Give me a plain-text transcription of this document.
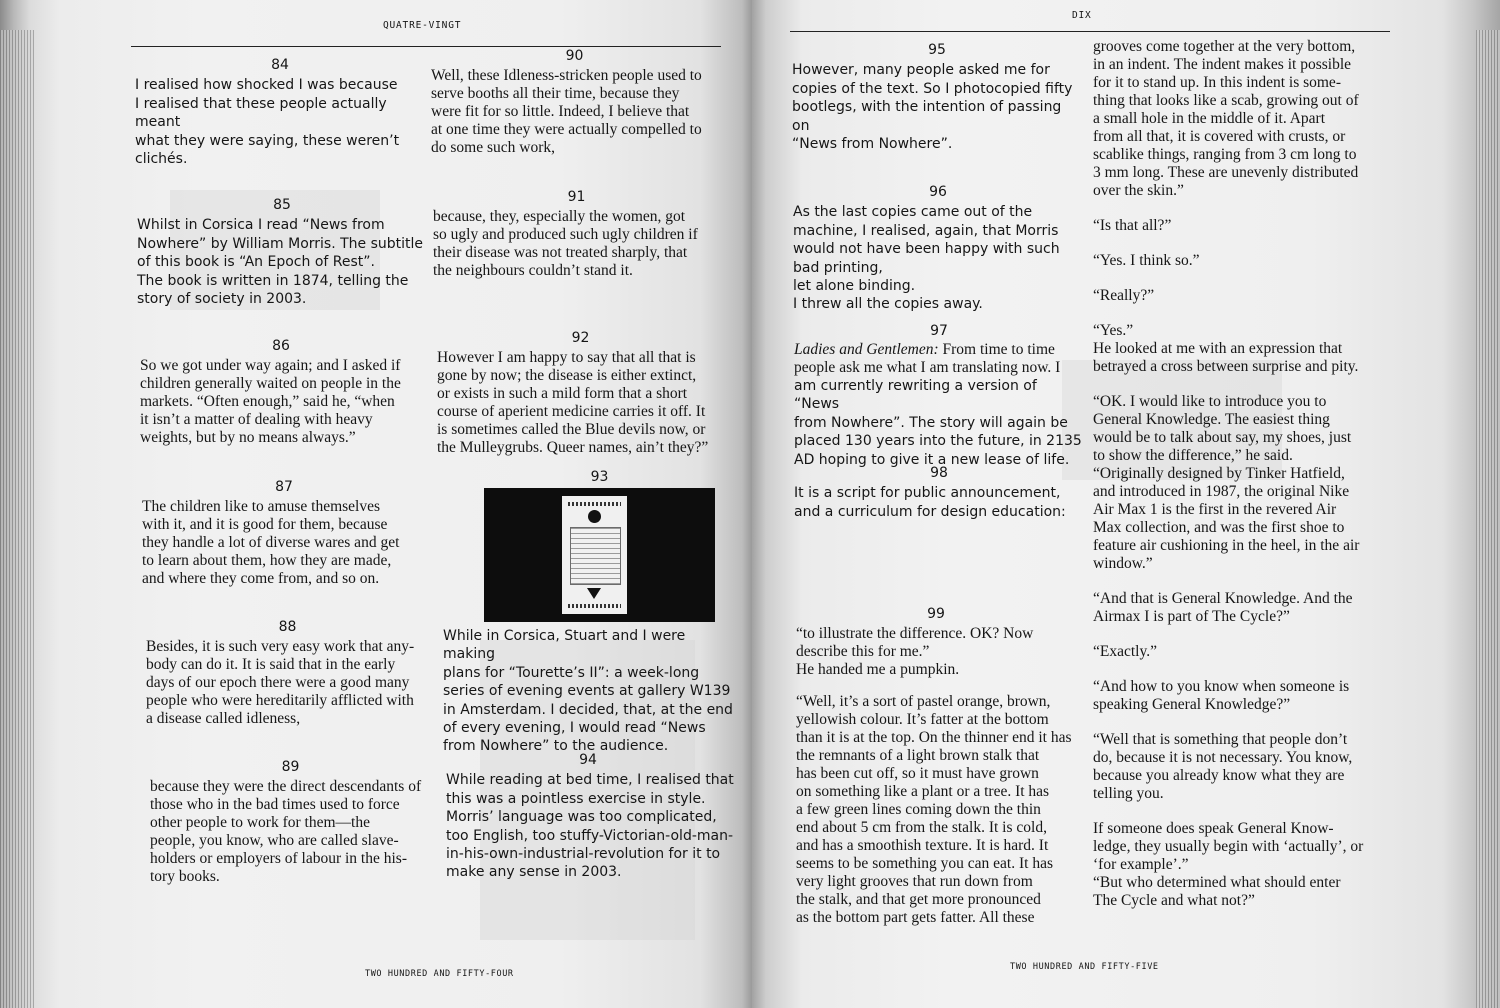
QUATRE-VINGT
84

I realised how shocked I was because

I realised that these people actually meant

what they were saying, these weren’t

clichés.

85

Whilst in Corsica I read “News from

Nowhere” by William Morris. The subtitle

of this book is “An Epoch of Rest”.

The book is written in 1874, telling the

story of society in 2003.

86

So we got under way again; and I asked if

children generally waited on people in the

markets. “Often enough,” said he, “when

it isn’t a matter of dealing with heavy

weights, but by no means always.”

87

The children like to amuse themselves

with it, and it is good for them, because

they handle a lot of diverse wares and get

to learn about them, how they are made,

and where they come from, and so on.

88

Besides, it is such very easy work that any-

body can do it. It is said that in the early

days of our epoch there were a good many

people who were hereditarily afflicted with

a disease called idleness,

89

because they were the direct descendants of

those who in the bad times used to force

other people to work for them—the

people, you know, who are called slave-

holders or employers of labour in the his-

tory books.

90

Well, these Idleness-stricken people used to

serve booths all their time, because they

were fit for so little. Indeed, I believe that

at one time they were actually compelled to

do some such work,

91

because, they, especially the women, got

so ugly and produced such ugly children if

their disease was not treated sharply, that

the neighbours couldn’t stand it.

92

However I am happy to say that all that is

gone by now; the disease is either extinct,

or exists in such a mild form that a short

course of aperient medicine carries it off. It

is sometimes called the Blue devils now, or

the Mulleygrubs. Queer names, ain’t they?”

93

While in Corsica, Stuart and I were making

plans for “Tourette’s II”: a week-long

series of evening events at gallery W139

in Amsterdam. I decided, that, at the end

of every evening, I would read “News

from Nowhere” to the audience.

94

While reading at bed time, I realised that

this was a pointless exercise in style.

Morris’ language was too complicated,

too English, too stuffy-Victorian-old-man-

in-his-own-industrial-revolution for it to

make any sense in 2003.

TWO HUNDRED AND FIFTY-FOUR
DIX
95

However, many people asked me for

copies of the text. So I photocopied fifty

bootlegs, with the intention of passing on

“News from Nowhere”.

96

As the last copies came out of the

machine, I realised, again, that Morris

would not have been happy with such

bad printing,

let alone binding.

I threw all the copies away.

97

Ladies and Gentlemen: From time to time

people ask me what I am translating now. I

am currently rewriting a version of “News

from Nowhere”. The story will again be

placed 130 years into the future, in 2135

AD hoping to give it a new lease of life.

98

It is a script for public announcement,

and a curriculum for design education:

99

“to illustrate the difference. OK? Now

describe this for me.”

He handed me a pumpkin.

“Well, it’s a sort of pastel orange, brown,

yellowish colour. It’s fatter at the bottom

than it is at the top. On the thinner end it has

the remnants of a light brown stalk that

has been cut off, so it must have grown

on something like a plant or a tree. It has

a few green lines coming down the thin

end about 5 cm from the stalk. It is cold,

and has a smoothish texture. It is hard. It

seems to be something you can eat. It has

very light grooves that run down from

the stalk, and that get more pronounced

as the bottom part gets fatter. All these

grooves come together at the very bottom,

in an indent. The indent makes it possible

for it to stand up. In this indent is some-

thing that looks like a scab, growing out of

a small hole in the middle of it. Apart

from all that, it is covered with crusts, or

scablike things, ranging from 3 cm long to

3 mm long. These are unevenly distributed

over the skin.”

“Is that all?”

“Yes. I think so.”

“Really?”

“Yes.”

He looked at me with an expression that

betrayed a cross between surprise and pity.

“OK. I would like to introduce you to

General Knowledge. The easiest thing

would be to talk about say, my shoes, just

to show the difference,” he said.

“Originally designed by Tinker Hatfield,

and introduced in 1987, the original Nike

Air Max 1 is the first in the revered Air

Max collection, and was the first shoe to

feature air cushioning in the heel, in the air

window.”

“And that is General Knowledge. And the

Airmax I is part of The Cycle?”

“Exactly.”

“And how to you know when someone is

speaking General Knowledge?”

“Well that is something that people don’t

do, because it is not necessary. You know,

because you already know what they are

telling you.

If someone does speak General Know-

ledge, they usually begin with ‘actually’, or

‘for example’.”

“But who determined what should enter

The Cycle and what not?”

TWO HUNDRED AND FIFTY-FIVE
